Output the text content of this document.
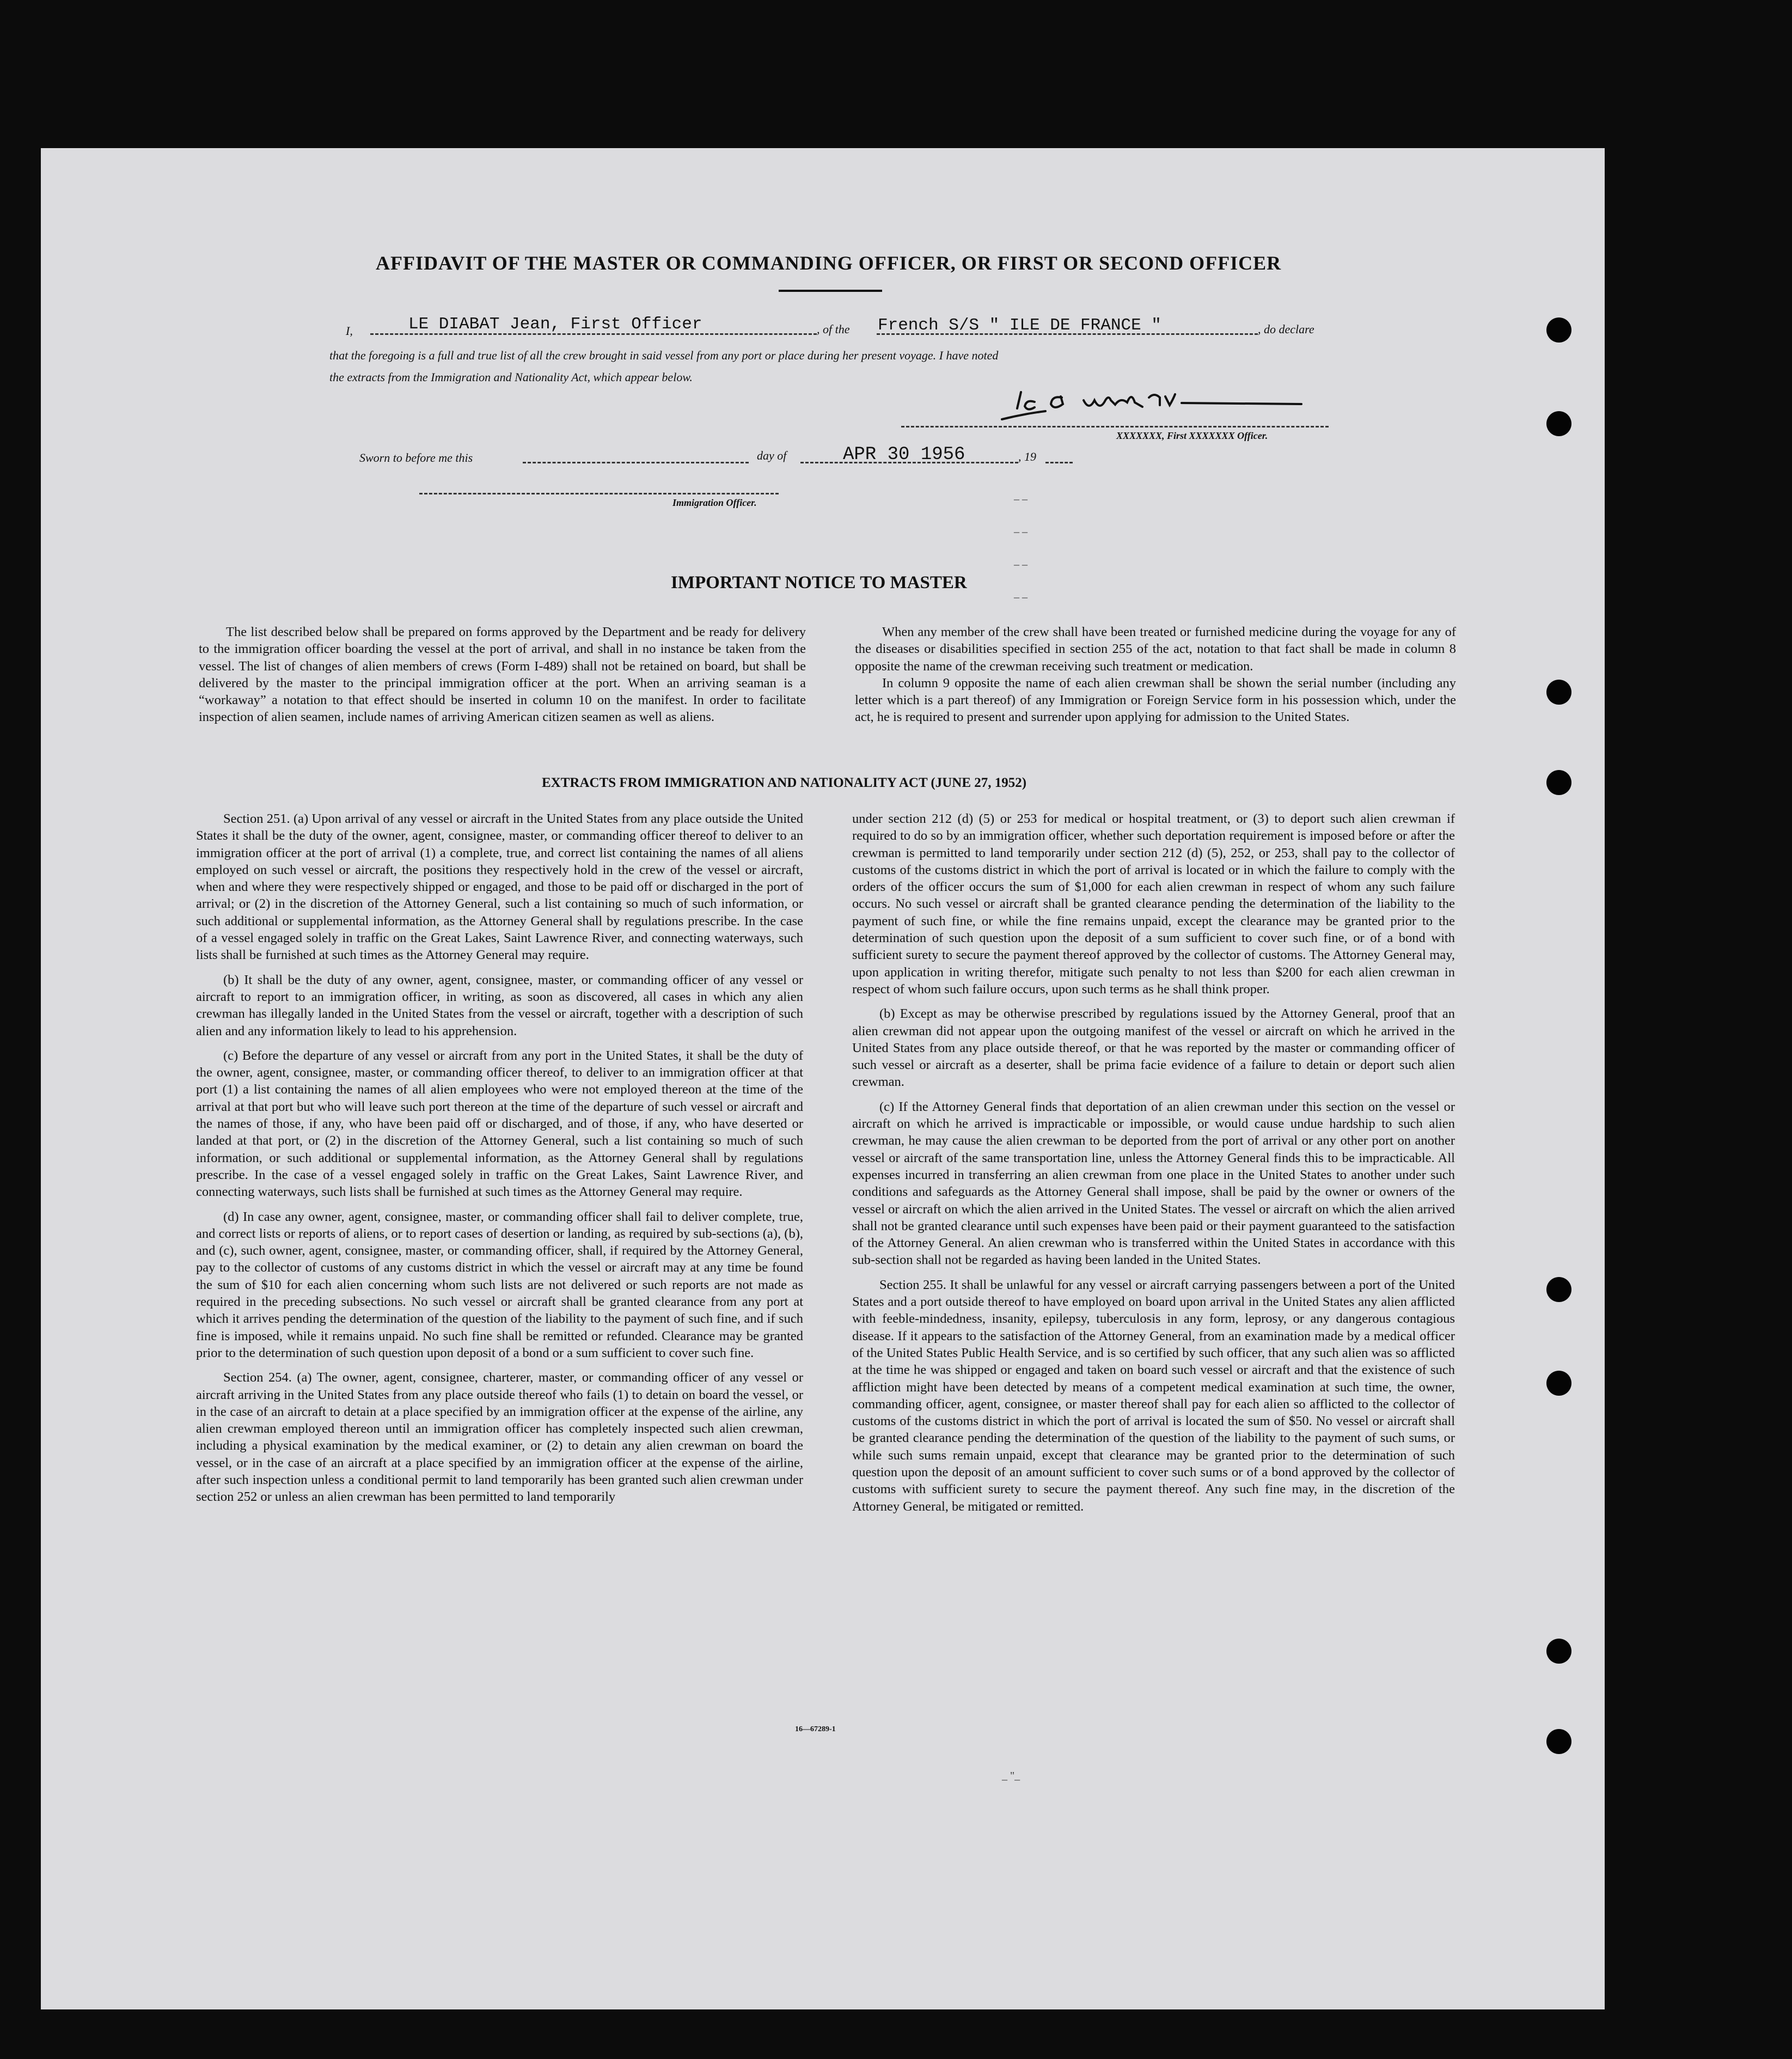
AFFIDAVIT OF THE MASTER OR COMMANDING OFFICER, OR FIRST OR SECOND OFFICER
I,	LE DIABAT Jean, First Officer	, of the French S/S " ILE DE FRANCE "	, do declare
that the foregoing is a full and true list of all the crew brought in said vessel from any port or place during her present voyage. I have noted
the extracts from the Immigration and Nationality Act, which appear below.
XXXXXXX, First XXXXXXX Officer.
Sworn to before me this	day of	APR 30 1956	, 19
Immigration Officer.
_ _
_ _
_ _
_ _
IMPORTANT NOTICE TO MASTER

The list described below shall be prepared on forms approved by the Department and be ready for delivery to the immigration officer boarding the vessel at the port of arrival, and shall in no instance be taken from the vessel. The list of changes of alien members of crews (Form I-489) shall not be retained on board, but shall be delivered by the master to the principal immigration officer at the port. When an arriving seaman is a “workaway” a notation to that effect should be inserted in column 10 on the manifest. In order to facilitate inspection of alien seamen, include names of arriving American citizen seamen as well as aliens.

When any member of the crew shall have been treated or furnished medicine during the voyage for any of the diseases or disabilities specified in section 255 of the act, notation to that fact shall be made in column 8 opposite the name of the crewman receiving such treatment or medication.

In column 9 opposite the name of each alien crewman shall be shown the serial number (including any letter which is a part thereof) of any Immigration or Foreign Service form in his possession which, under the act, he is required to present and surrender upon applying for admission to the United States.

EXTRACTS FROM IMMIGRATION AND NATIONALITY ACT (JUNE 27, 1952)

Section 251. (a) Upon arrival of any vessel or aircraft in the United States from any place outside the United States it shall be the duty of the owner, agent, consignee, master, or commanding officer thereof to deliver to an immigration officer at the port of arrival (1) a complete, true, and correct list containing the names of all aliens employed on such vessel or aircraft, the positions they respectively hold in the crew of the vessel or aircraft, when and where they were respectively shipped or engaged, and those to be paid off or discharged in the port of arrival; or (2) in the discretion of the Attorney General, such a list containing so much of such information, or such additional or supplemental information, as the Attorney General shall by regulations prescribe. In the case of a vessel engaged solely in traffic on the Great Lakes, Saint Lawrence River, and connecting waterways, such lists shall be furnished at such times as the Attorney General may require.

(b) It shall be the duty of any owner, agent, consignee, master, or commanding officer of any vessel or aircraft to report to an immigration officer, in writing, as soon as discovered, all cases in which any alien crewman has illegally landed in the United States from the vessel or aircraft, together with a description of such alien and any information likely to lead to his apprehension.

(c) Before the departure of any vessel or aircraft from any port in the United States, it shall be the duty of the owner, agent, consignee, master, or commanding officer thereof, to deliver to an immigration officer at that port (1) a list containing the names of all alien employees who were not employed thereon at the time of the arrival at that port but who will leave such port thereon at the time of the departure of such vessel or aircraft and the names of those, if any, who have been paid off or discharged, and of those, if any, who have deserted or landed at that port, or (2) in the discretion of the Attorney General, such a list containing so much of such information, or such additional or supplemental information, as the Attorney General shall by regulations prescribe. In the case of a vessel engaged solely in traffic on the Great Lakes, Saint Lawrence River, and connecting waterways, such lists shall be furnished at such times as the Attorney General may require.

(d) In case any owner, agent, consignee, master, or commanding officer shall fail to deliver complete, true, and correct lists or reports of aliens, or to report cases of desertion or landing, as required by sub-sections (a), (b), and (c), such owner, agent, consignee, master, or commanding officer, shall, if required by the Attorney General, pay to the collector of customs of any customs district in which the vessel or aircraft may at any time be found the sum of $10 for each alien concerning whom such lists are not delivered or such reports are not made as required in the preceding subsections. No such vessel or aircraft shall be granted clearance from any port at which it arrives pending the determination of the question of the liability to the payment of such fine, and if such fine is imposed, while it remains unpaid. No such fine shall be remitted or refunded. Clearance may be granted prior to the determination of such question upon deposit of a bond or a sum sufficient to cover such fine.

Section 254. (a) The owner, agent, consignee, charterer, master, or commanding officer of any vessel or aircraft arriving in the United States from any place outside thereof who fails (1) to detain on board the vessel, or in the case of an aircraft to detain at a place specified by an immigration officer at the expense of the airline, any alien crewman employed thereon until an immigration officer has completely inspected such alien crewman, including a physical examination by the medical examiner, or (2) to detain any alien crewman on board the vessel, or in the case of an aircraft at a place specified by an immigration officer at the expense of the airline, after such inspection unless a conditional permit to land temporarily has been granted such alien crewman under section 252 or unless an alien crewman has been permitted to land temporarily

under section 212 (d) (5) or 253 for medical or hospital treatment, or (3) to deport such alien crewman if required to do so by an immigration officer, whether such deportation requirement is imposed before or after the crewman is permitted to land temporarily under section 212 (d) (5), 252, or 253, shall pay to the collector of customs of the customs district in which the port of arrival is located or in which the failure to comply with the orders of the officer occurs the sum of $1,000 for each alien crewman in respect of whom any such failure occurs. No such vessel or aircraft shall be granted clearance pending the determination of the liability to the payment of such fine, or while the fine remains unpaid, except the clearance may be granted prior to the determination of such question upon the deposit of a sum sufficient to cover such fine, or of a bond with sufficient surety to secure the payment thereof approved by the collector of customs. The Attorney General may, upon application in writing therefor, mitigate such penalty to not less than $200 for each alien crewman in respect of whom such failure occurs, upon such terms as he shall think proper.

(b) Except as may be otherwise prescribed by regulations issued by the Attorney General, proof that an alien crewman did not appear upon the outgoing manifest of the vessel or aircraft on which he arrived in the United States from any place outside thereof, or that he was reported by the master or commanding officer of such vessel or aircraft as a deserter, shall be prima facie evidence of a failure to detain or deport such alien crewman.

(c) If the Attorney General finds that deportation of an alien crewman under this section on the vessel or aircraft on which he arrived is impracticable or impossible, or would cause undue hardship to such alien crewman, he may cause the alien crewman to be deported from the port of arrival or any other port on another vessel or aircraft of the same transportation line, unless the Attorney General finds this to be impracticable. All expenses incurred in transferring an alien crewman from one place in the United States to another under such conditions and safeguards as the Attorney General shall impose, shall be paid by the owner or owners of the vessel or aircraft on which the alien arrived in the United States. The vessel or aircraft on which the alien arrived shall not be granted clearance until such expenses have been paid or their payment guaranteed to the satisfaction of the Attorney General. An alien crewman who is transferred within the United States in accordance with this sub-section shall not be regarded as having been landed in the United States.

Section 255. It shall be unlawful for any vessel or aircraft carrying passengers between a port of the United States and a port outside thereof to have employed on board upon arrival in the United States any alien afflicted with feeble-mindedness, insanity, epilepsy, tuberculosis in any form, leprosy, or any dangerous contagious disease. If it appears to the satisfaction of the Attorney General, from an examination made by a medical officer of the United States Public Health Service, and is so certified by such officer, that any such alien was so afflicted at the time he was shipped or engaged and taken on board such vessel or aircraft and that the existence of such affliction might have been detected by means of a competent medical examination at such time, the owner, commanding officer, agent, consignee, or master thereof shall pay for each alien so afflicted to the collector of customs of the customs district in which the port of arrival is located the sum of $50. No vessel or aircraft shall be granted clearance pending the determination of the question of the liability to the payment of such sums, or while such sums remain unpaid, except that clearance may be granted prior to the determination of such question upon the deposit of an amount sufficient to cover such sums or of a bond approved by the collector of customs with sufficient surety to secure the payment thereof. Any such fine may, in the discretion of the Attorney General, be mitigated or remitted.

16—67289-1
_ "_
